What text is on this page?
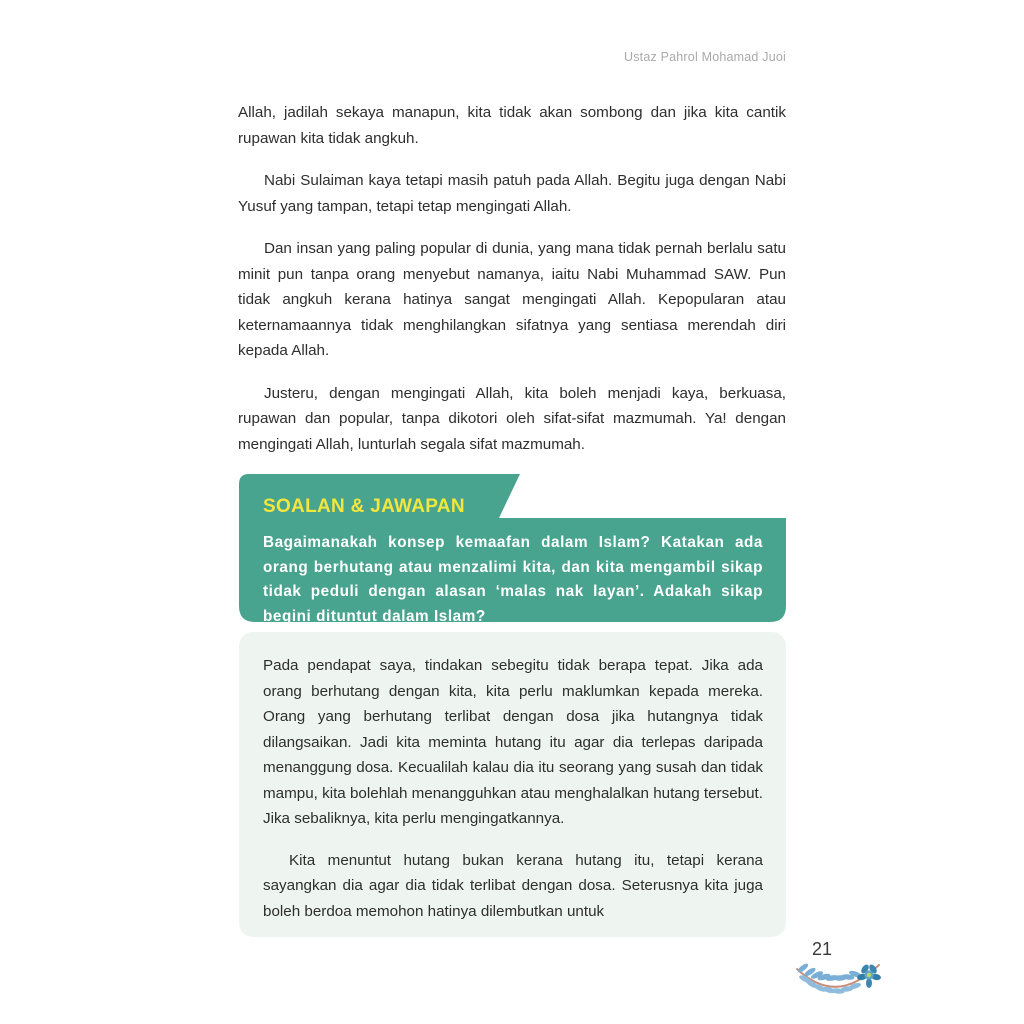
Ustaz Pahrol Mohamad Juoi

Allah, jadilah sekaya manapun, kita tidak akan sombong dan jika kita cantik rupawan kita tidak angkuh.

Nabi Sulaiman kaya tetapi masih patuh pada Allah. Begitu juga dengan Nabi Yusuf yang tampan, tetapi tetap mengingati Allah.

Dan insan yang paling popular di dunia, yang mana tidak pernah berlalu satu minit pun tanpa orang menyebut namanya, iaitu Nabi Muhammad SAW. Pun tidak angkuh kerana hatinya sangat mengingati Allah. Kepopularan atau keternamaannya tidak menghilangkan sifatnya yang sentiasa merendah diri kepada Allah.

Justeru, dengan mengingati Allah, kita boleh menjadi kaya, berkuasa, rupawan dan popular, tanpa dikotori oleh sifat-sifat mazmumah. Ya! dengan mengingati Allah, lunturlah segala sifat mazmumah.

Pada pendapat saya, tindakan sebegitu tidak berapa tepat. Jika ada orang berhutang dengan kita, kita perlu maklumkan kepada mereka. Orang yang berhutang terlibat dengan dosa jika hutangnya tidak dilangsaikan. Jadi kita meminta hutang itu agar dia terlepas daripada menanggung dosa. Kecualilah kalau dia itu seorang yang susah dan tidak mampu, kita bolehlah menangguhkan atau menghalalkan hutang tersebut. Jika sebaliknya, kita perlu mengingatkannya.

Kita menuntut hutang bukan kerana hutang itu, tetapi kerana sayangkan dia agar dia tidak terlibat dengan dosa. Seterusnya kita juga boleh berdoa memohon hatinya dilembutkan untuk

SOALAN & JAWAPAN
Bagaimanakah konsep kemaafan dalam Islam? Katakan ada orang berhutang atau menzalimi kita, dan kita mengambil sikap tidak peduli dengan alasan ‘malas nak layan’. Adakah sikap begini dituntut dalam Islam?
21
